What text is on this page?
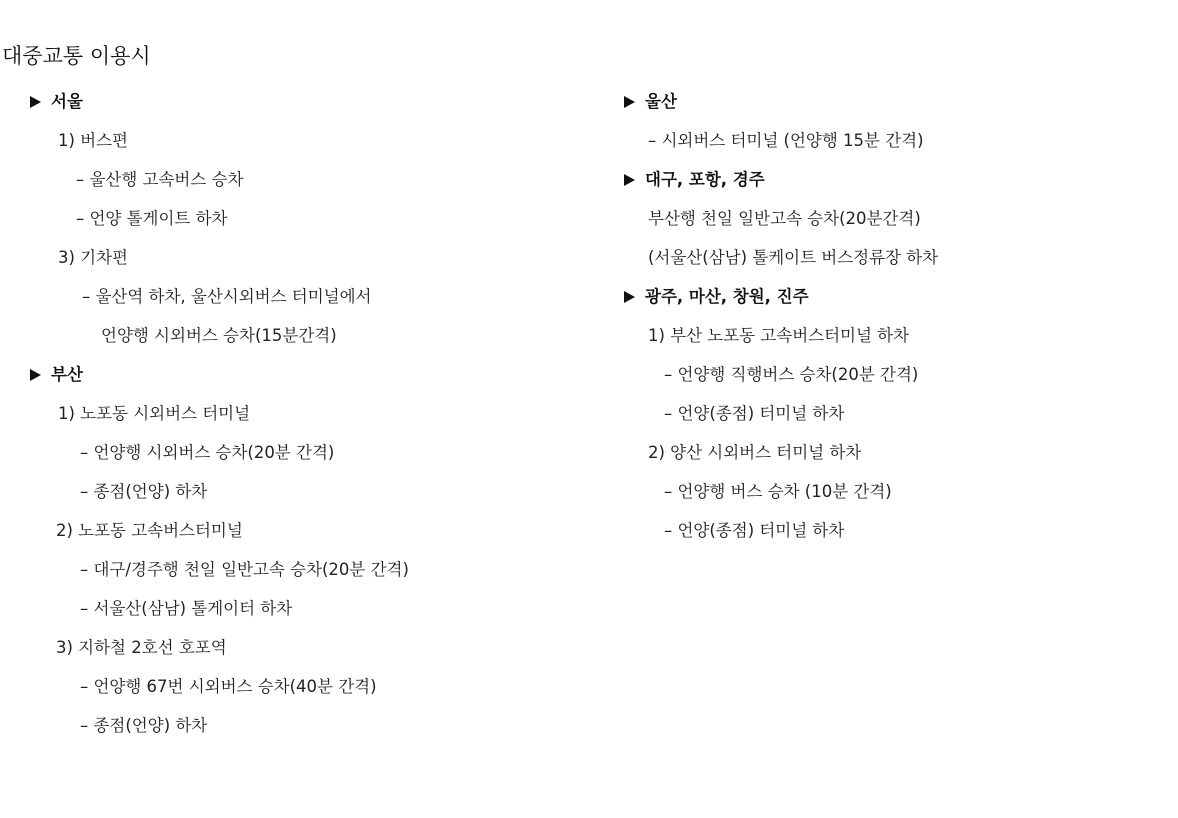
대중교통 이용시
서울
1) 버스편
– 울산행 고속버스 승차
– 언양 톨게이트 하차
3) 기차편
– 울산역 하차, 울산시외버스 터미널에서
언양행 시외버스 승차(15분간격)
부산
1) 노포동 시외버스 터미널
– 언양행 시외버스 승차(20분 간격)
– 종점(언양) 하차
2) 노포동 고속버스터미널
– 대구/경주행 천일 일반고속 승차(20분 간격)
– 서울산(삼남) 톨게이터 하차
3) 지하철 2호선 호포역
– 언양행 67번 시외버스 승차(40분 간격)
– 종점(언양) 하차
울산
– 시외버스 터미널 (언양행 15분 간격)
대구, 포항, 경주
부산행 천일 일반고속 승차(20분간격)
(서울산(삼남) 톨케이트 버스정류장 하차
광주, 마산, 창원, 진주
1) 부산 노포동 고속버스터미널 하차
– 언양행 직행버스 승차(20분 간격)
– 언양(종점) 터미널 하차
2) 양산 시외버스 터미널 하차
– 언양행 버스 승차 (10분 간격)
– 언양(종점) 터미널 하차
